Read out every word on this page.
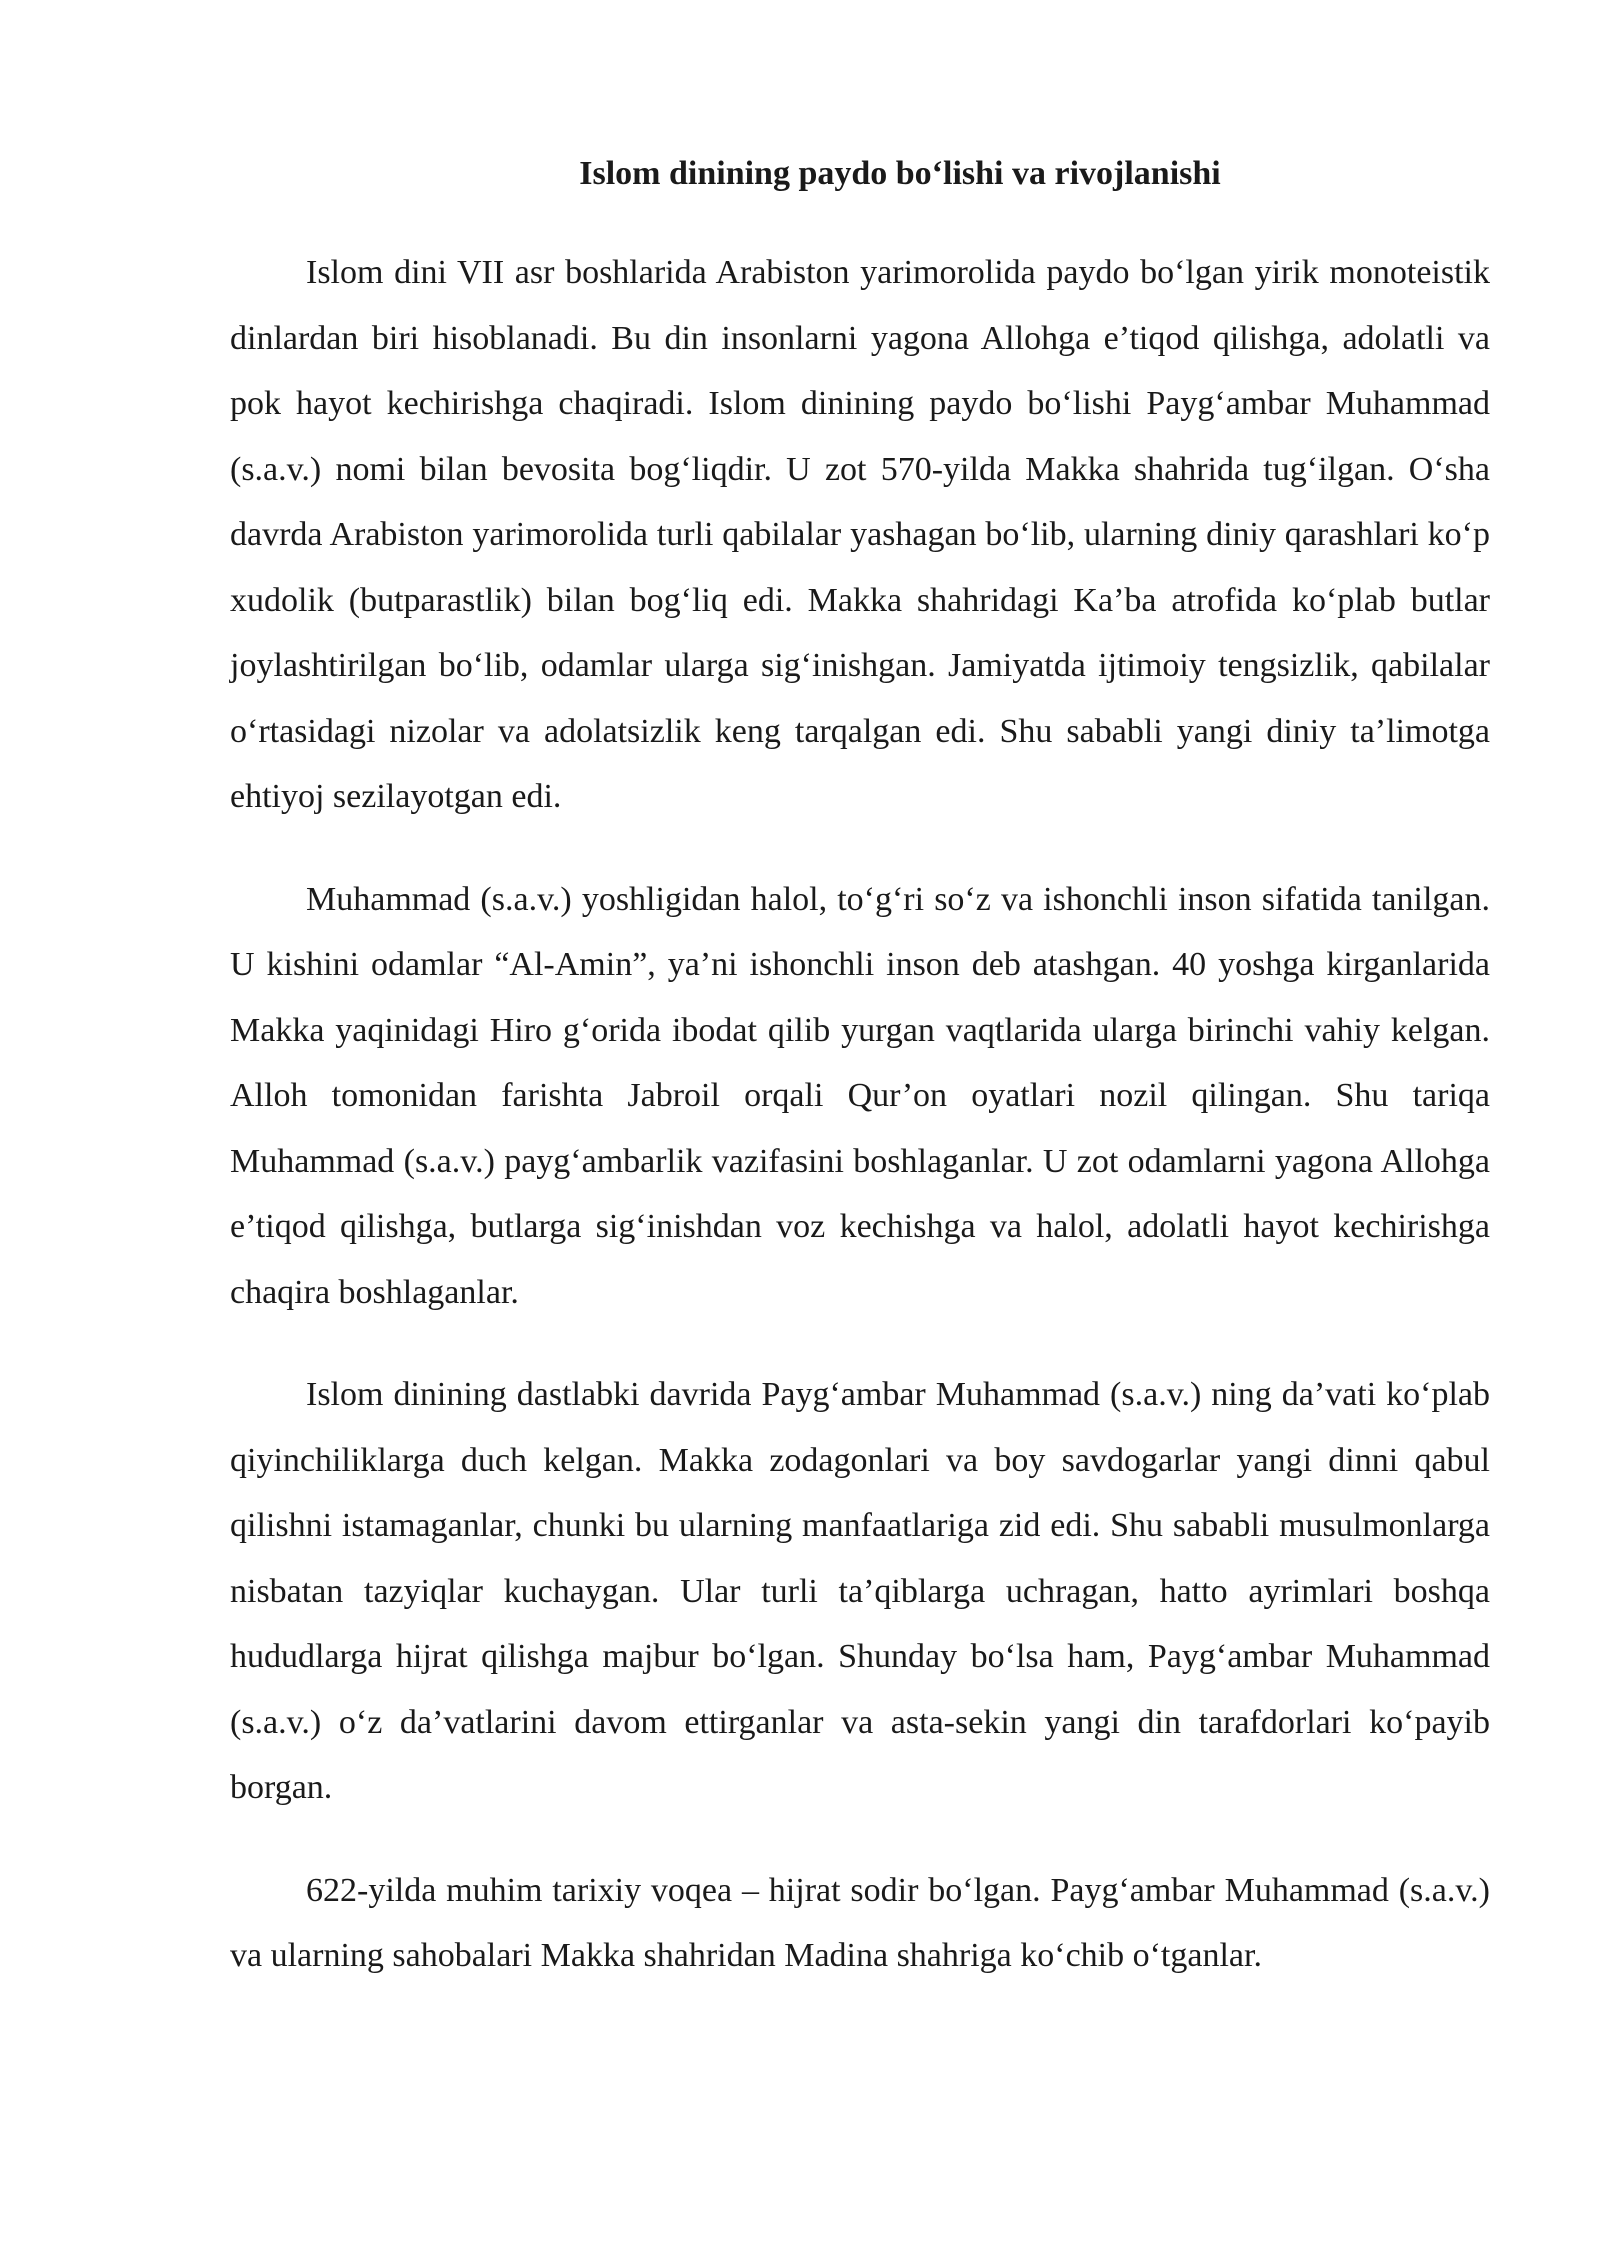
Islom dinining paydo bo‘lishi va rivojlanishi

Islom dini VII asr boshlarida Arabiston yarimorolida paydo bo‘lgan yirik monoteistik dinlardan biri hisoblanadi. Bu din insonlarni yagona Allohga e’tiqod qilishga, adolatli va pok hayot kechirishga chaqiradi. Islom dinining paydo bo‘lishi Payg‘ambar Muhammad (s.a.v.) nomi bilan bevosita bog‘liqdir. U zot 570-yilda Makka shahrida tug‘ilgan. O‘sha davrda Arabiston yarimorolida turli qabilalar yashagan bo‘lib, ularning diniy qarashlari ko‘p xudolik (butparastlik) bilan bog‘liq edi. Makka shahridagi Ka’ba atrofida ko‘plab butlar joylashtirilgan bo‘lib, odamlar ularga sig‘inishgan. Jamiyatda ijtimoiy tengsizlik, qabilalar o‘rtasidagi nizolar va adolatsizlik keng tarqalgan edi. Shu sababli yangi diniy ta’limotga ehtiyoj sezilayotgan edi.

Muhammad (s.a.v.) yoshligidan halol, to‘g‘ri so‘z va ishonchli inson sifatida tanilgan. U kishini odamlar “Al-Amin”, ya’ni ishonchli inson deb atashgan. 40 yoshga kirganlarida Makka yaqinidagi Hiro g‘orida ibodat qilib yurgan vaqtlarida ularga birinchi vahiy kelgan. Alloh tomonidan farishta Jabroil orqali Qur’on oyatlari nozil qilingan. Shu tariqa Muhammad (s.a.v.) payg‘ambarlik vazifasini boshlaganlar. U zot odamlarni yagona Allohga e’tiqod qilishga, butlarga sig‘inishdan voz kechishga va halol, adolatli hayot kechirishga chaqira boshlaganlar.

Islom dinining dastlabki davrida Payg‘ambar Muhammad (s.a.v.) ning da’vati ko‘plab qiyinchiliklarga duch kelgan. Makka zodagonlari va boy savdogarlar yangi dinni qabul qilishni istamaganlar, chunki bu ularning manfaatlariga zid edi. Shu sababli musulmonlarga nisbatan tazyiqlar kuchaygan. Ular turli ta’qiblarga uchragan, hatto ayrimlari boshqa hududlarga hijrat qilishga majbur bo‘lgan. Shunday bo‘lsa ham, Payg‘ambar Muhammad (s.a.v.) o‘z da’vatlarini davom ettirganlar va asta-sekin yangi din tarafdorlari ko‘payib borgan.

622-yilda muhim tarixiy voqea – hijrat sodir bo‘lgan. Payg‘ambar Muhammad (s.a.v.) va ularning sahobalari Makka shahridan Madina shahriga ko‘chib o‘tganlar.
